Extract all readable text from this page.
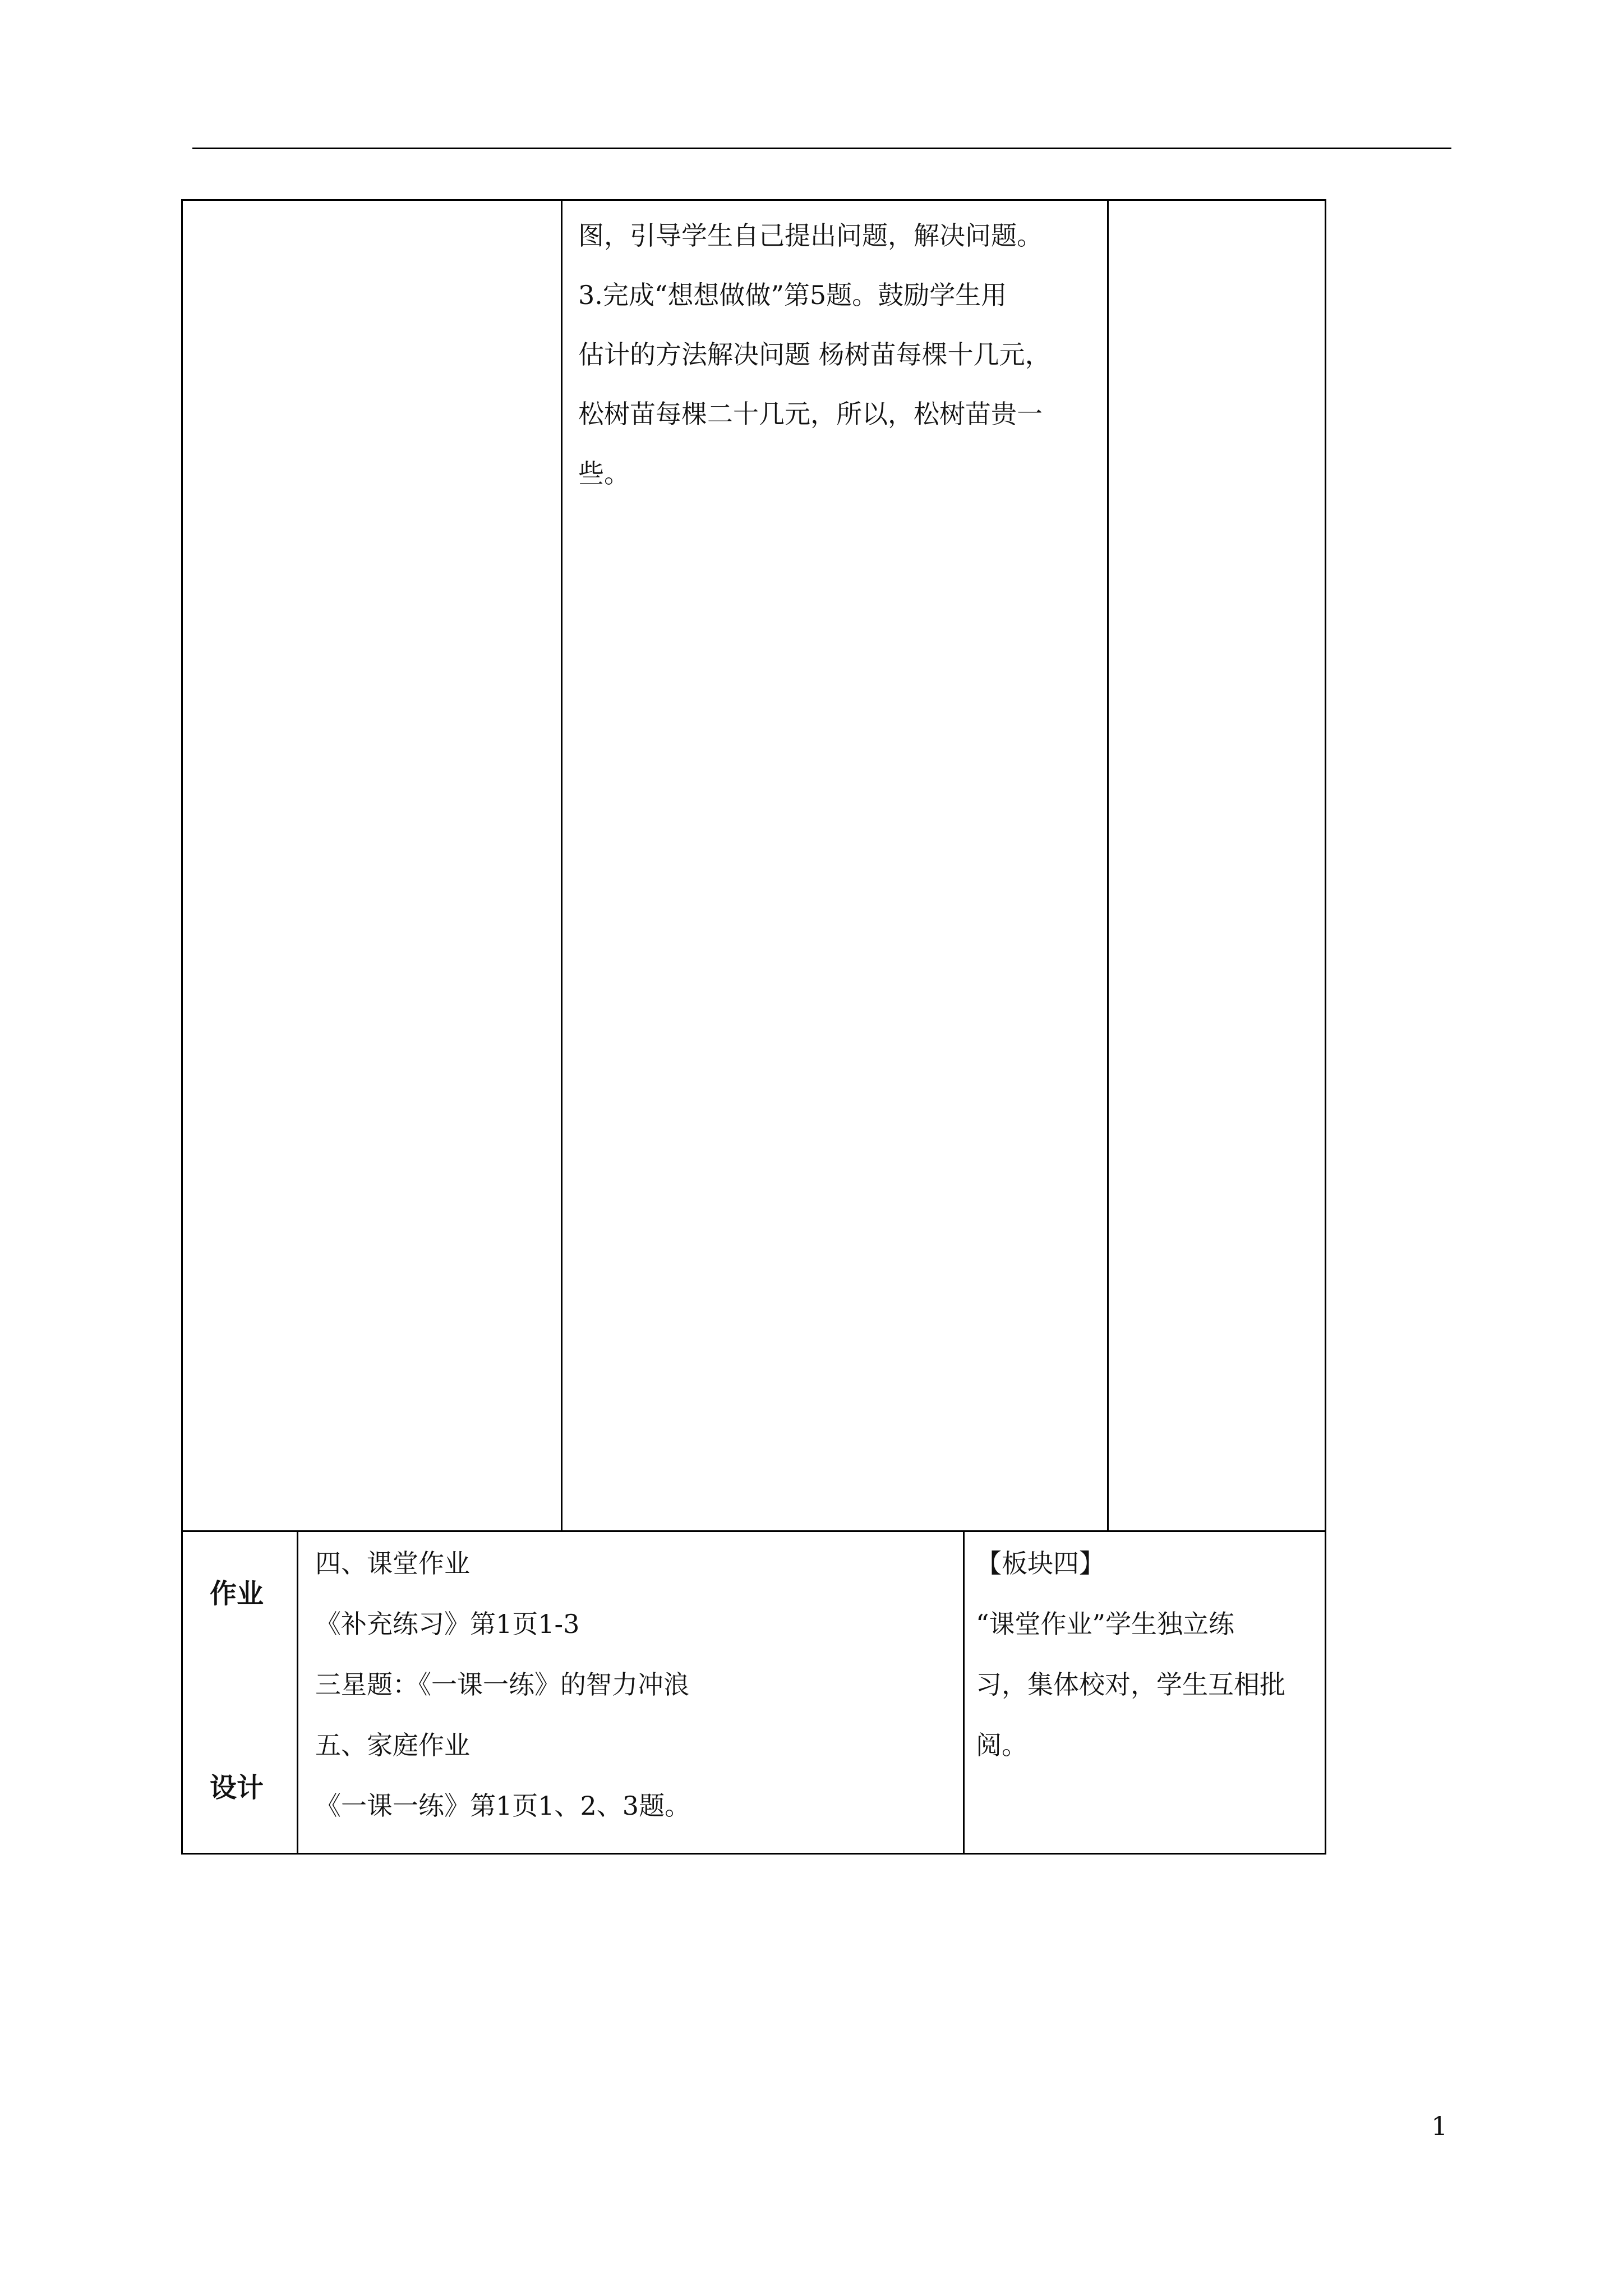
图，引导学生自己提出问题，解决问题。
3.完成“想想做做”第5题。鼓励学生用
估计的方法解决问题 杨树苗每棵十几元，
松树苗每棵二十几元，所以，松树苗贵一
些。
作业
设计
四、课堂作业
《补充练习》第1页1-3
三星题：《一课一练》的智力冲浪
五、家庭作业
《一课一练》第1页1、2、3题。
【板块四】
“课堂作业”学生独立练
习，集体校对，学生互相批
阅。
1
